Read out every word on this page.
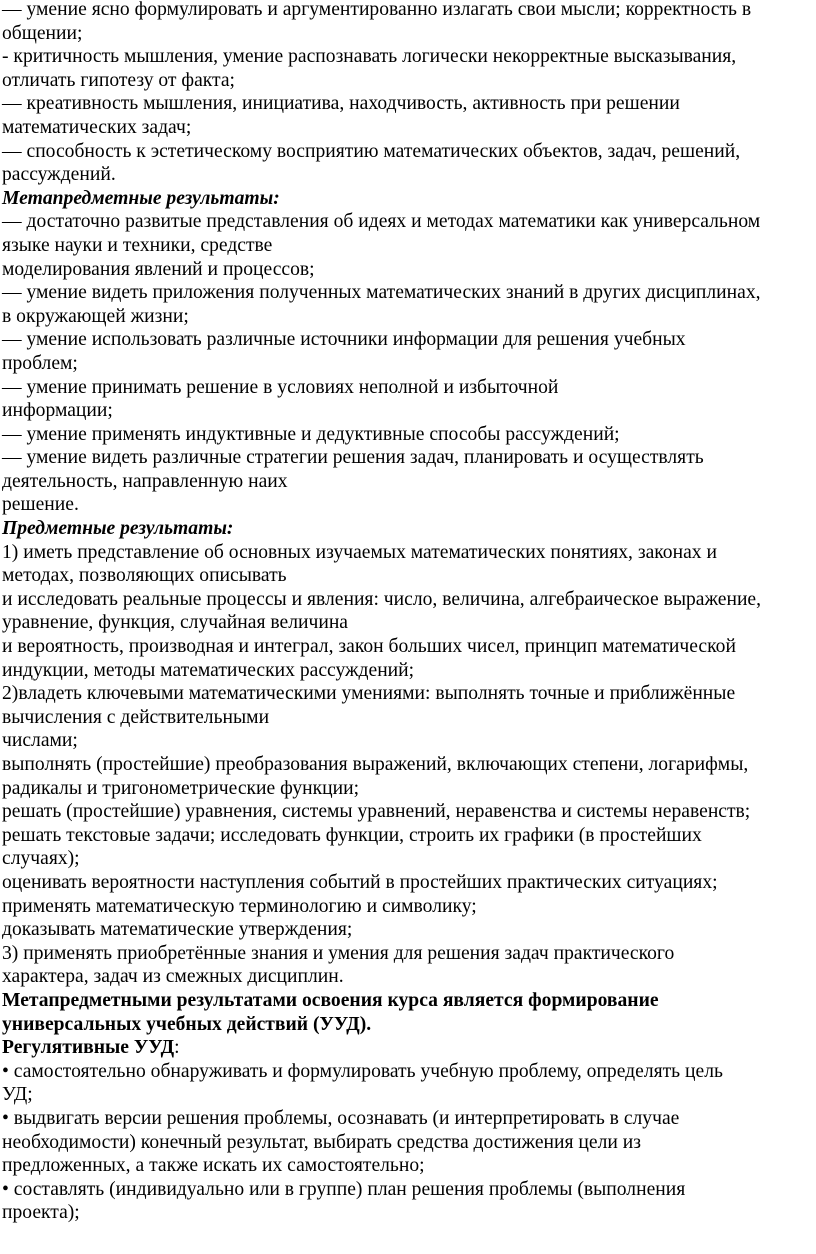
— умение ясно формулировать и аргументированно излагать свои мысли; корректность в
общении;
- критичность мышления, умение распознавать логически некорректные высказывания,
отличать гипотезу от факта;
— креативность мышления, инициатива, находчивость, активность при решении
математических задач;
— способность к эстетическому восприятию математических объектов, задач, решений,
рассуждений.
Метапредметные результаты:
— достаточно развитые представления об идеях и методах математики как универсальном
языке науки и техники, средстве
моделирования явлений и процессов;
— умение видеть приложения полученных математических знаний в других дисциплинах,
в окружающей жизни;
— умение использовать различные источники информации для решения учебных
проблем;
— умение принимать решение в условиях неполной и избыточной
информации;
— умение применять индуктивные и дедуктивные способы рассуждений;
— умение видеть различные стратегии решения задач, планировать и осуществлять
деятельность, направленную наих
решение.
Предметные результаты:
1) иметь представление об основных изучаемых математических понятиях, законах и
методах, позволяющих описывать
и исследовать реальные процессы и явления: число, величина, алгебраическое выражение,
уравнение, функция, случайная величина
и вероятность, производная и интеграл, закон больших чисел, принцип математической
индукции, методы математических рассуждений;
2)владеть ключевыми математическими умениями: выполнять точные и приближённые
вычисления с действительными
числами;
выполнять (простейшие) преобразования выражений, включающих степени, логарифмы,
радикалы и тригонометрические функции;
решать (простейшие) уравнения, системы уравнений, неравенства и системы неравенств;
решать текстовые задачи; исследовать функции, строить их графики (в простейших
случаях);
оценивать вероятности наступления событий в простейших практических ситуациях;
применять математическую терминологию и символику;
доказывать математические утверждения;
3) применять приобретённые знания и умения для решения задач практического
характера, задач из смежных дисциплин.
Метапредметными результатами освоения курса является формирование
универсальных учебных действий (УУД).
Регулятивные УУД:
• самостоятельно обнаруживать и формулировать учебную проблему, определять цель
УД;
• выдвигать версии решения проблемы, осознавать (и интерпретировать в случае
необходимости) конечный результат, выбирать средства достижения цели из
предложенных, а также искать их самостоятельно;
• составлять (индивидуально или в группе) план решения проблемы (выполнения
проекта);
